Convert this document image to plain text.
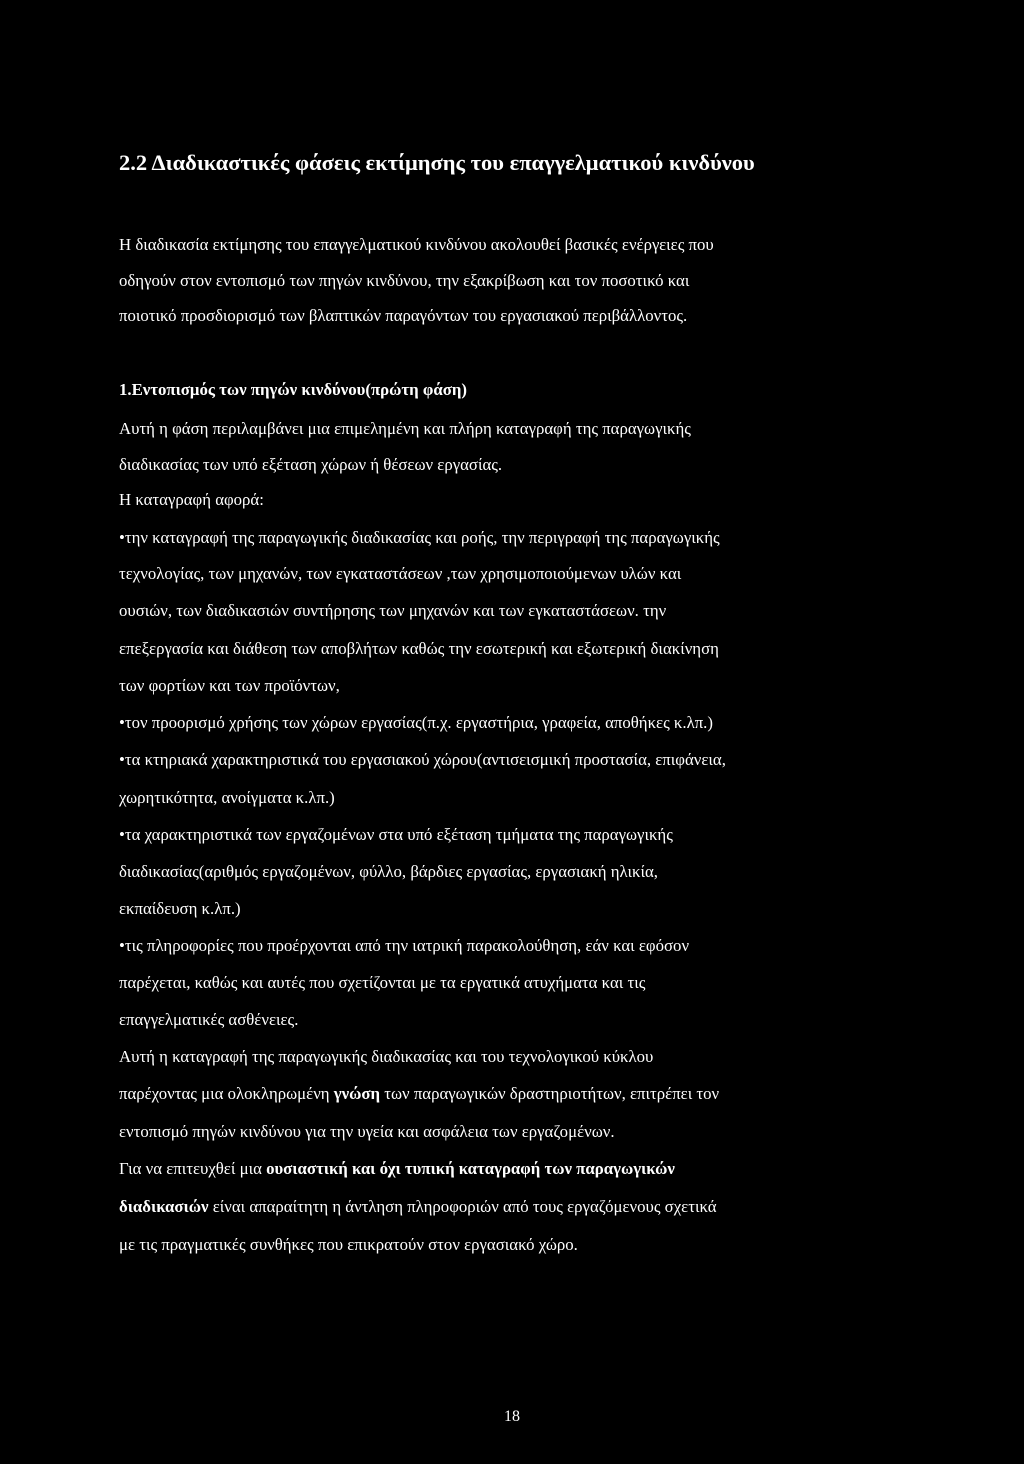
2.2 Διαδικαστικές φάσεις εκτίμησης του επαγγελματικού κινδύνου
Η διαδικασία εκτίμησης του επαγγελματικού κινδύνου ακολουθεί βασικές ενέργειες που
οδηγούν στον εντοπισμό των πηγών κινδύνου, την εξακρίβωση και τον ποσοτικό και
ποιοτικό προσδιορισμό των βλαπτικών παραγόντων του εργασιακού περιβάλλοντος.
1.Εντοπισμός των πηγών κινδύνου(πρώτη φάση)
Αυτή η φάση περιλαμβάνει μια επιμελημένη και πλήρη καταγραφή της παραγωγικής
διαδικασίας των υπό εξέταση χώρων ή θέσεων εργασίας.
Η καταγραφή αφορά:
•την καταγραφή της παραγωγικής διαδικασίας και ροής, την περιγραφή της παραγωγικής
τεχνολογίας, των μηχανών, των εγκαταστάσεων ,των χρησιμοποιούμενων υλών και
ουσιών, των διαδικασιών συντήρησης των μηχανών και των εγκαταστάσεων. την
επεξεργασία και διάθεση των αποβλήτων καθώς την εσωτερική και εξωτερική διακίνηση
των φορτίων και των προϊόντων,
•τον προορισμό χρήσης των χώρων εργασίας(π.χ. εργαστήρια, γραφεία, αποθήκες κ.λπ.)
•τα κτηριακά χαρακτηριστικά του εργασιακού χώρου(αντισεισμική προστασία, επιφάνεια,
χωρητικότητα, ανοίγματα κ.λπ.)
•τα χαρακτηριστικά των εργαζομένων στα υπό εξέταση τμήματα της παραγωγικής
διαδικασίας(αριθμός εργαζομένων, φύλλο, βάρδιες εργασίας, εργασιακή ηλικία,
εκπαίδευση κ.λπ.)
•τις πληροφορίες που προέρχονται από την ιατρική παρακολούθηση, εάν και εφόσον
παρέχεται, καθώς και αυτές που σχετίζονται με τα εργατικά ατυχήματα και τις
επαγγελματικές ασθένειες.
Αυτή η καταγραφή της παραγωγικής διαδικασίας και του τεχνολογικού κύκλου
παρέχοντας μια ολοκληρωμένη γνώση των παραγωγικών δραστηριοτήτων, επιτρέπει τον
εντοπισμό πηγών κινδύνου για την υγεία και ασφάλεια των εργαζομένων.
Για να επιτευχθεί μια ουσιαστική και όχι τυπική καταγραφή των παραγωγικών
διαδικασιών είναι απαραίτητη η άντληση πληροφοριών από τους εργαζόμενους σχετικά
με τις πραγματικές συνθήκες που επικρατούν στον εργασιακό χώρο.
18
